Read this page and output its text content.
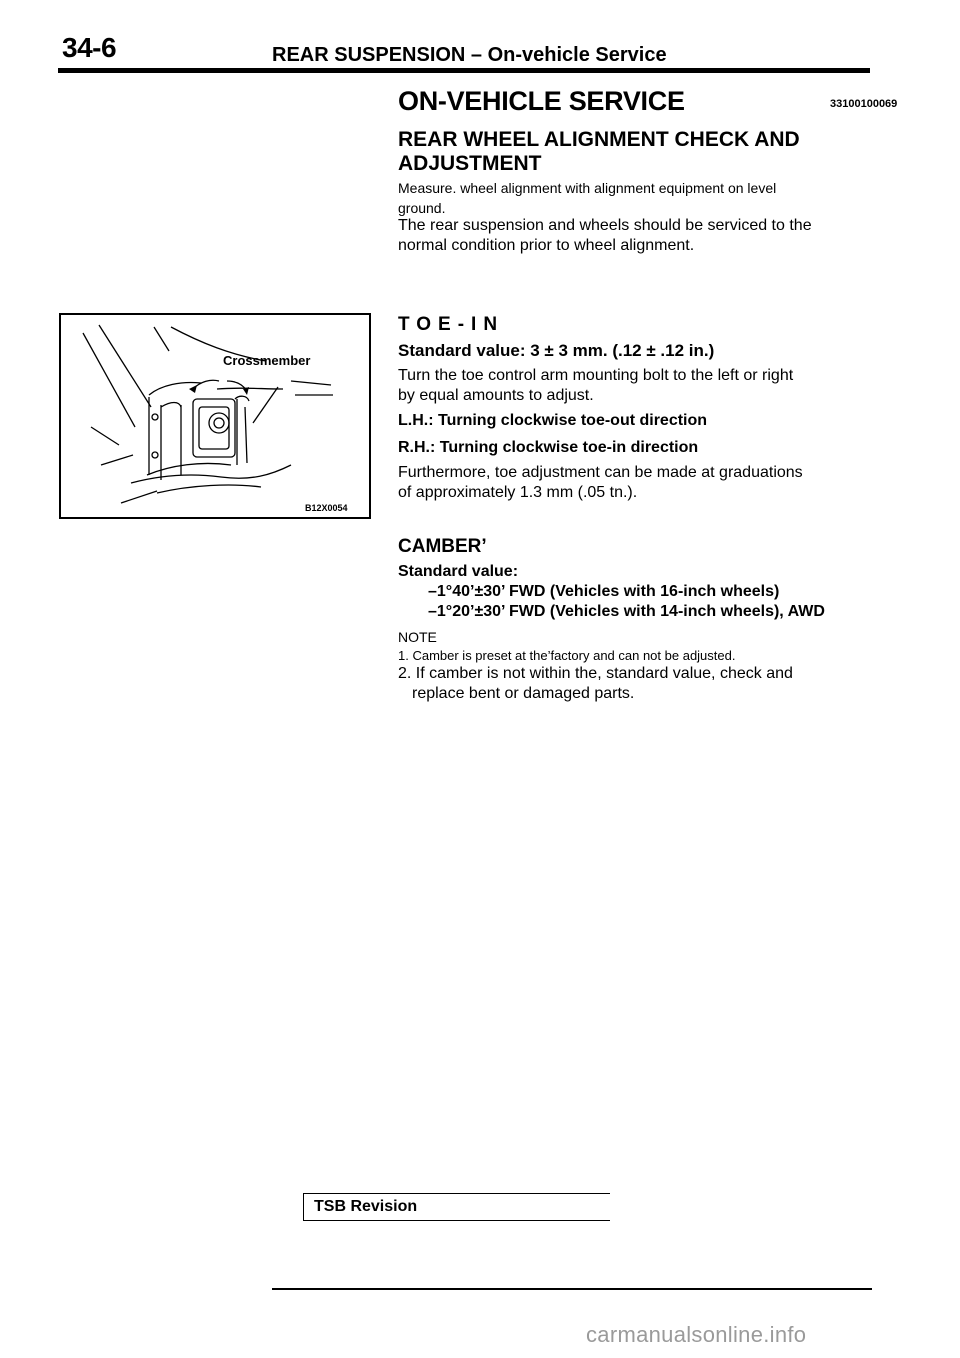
34-6	REAR SUSPENSION – On-vehicle Service
ON-VEHICLE SERVICE	33100100069
REAR WHEEL ALIGNMENT CHECK AND
ADJUSTMENT
Measure. wheel alignment with alignment equipment on level
ground.
The rear suspension and wheels should be serviced to the
normal condition prior to wheel alignment.
Crossmember
B12X0054
TOE-IN
Standard value: 3 ± 3 mm. (.12 ± .12 in.)
Turn the toe control arm mounting bolt to the left or right
by equal amounts to adjust.
L.H.: Turning clockwise toe-out direction
R.H.: Turning clockwise toe-in direction
Furthermore, toe adjustment can be made at graduations
of approximately 1.3 mm (.05 tn.).
CAMBER’
Standard value:
–1°40’±30’ FWD (Vehicles with 16-inch wheels)
–1°20’±30’ FWD (Vehicles with 14-inch wheels), AWD
NOTE
1. Camber is preset at the’factory and can not be adjusted.
2. If camber is not within the, standard value, check and
replace bent or damaged parts.
TSB Revision
carmanualsonline.info
